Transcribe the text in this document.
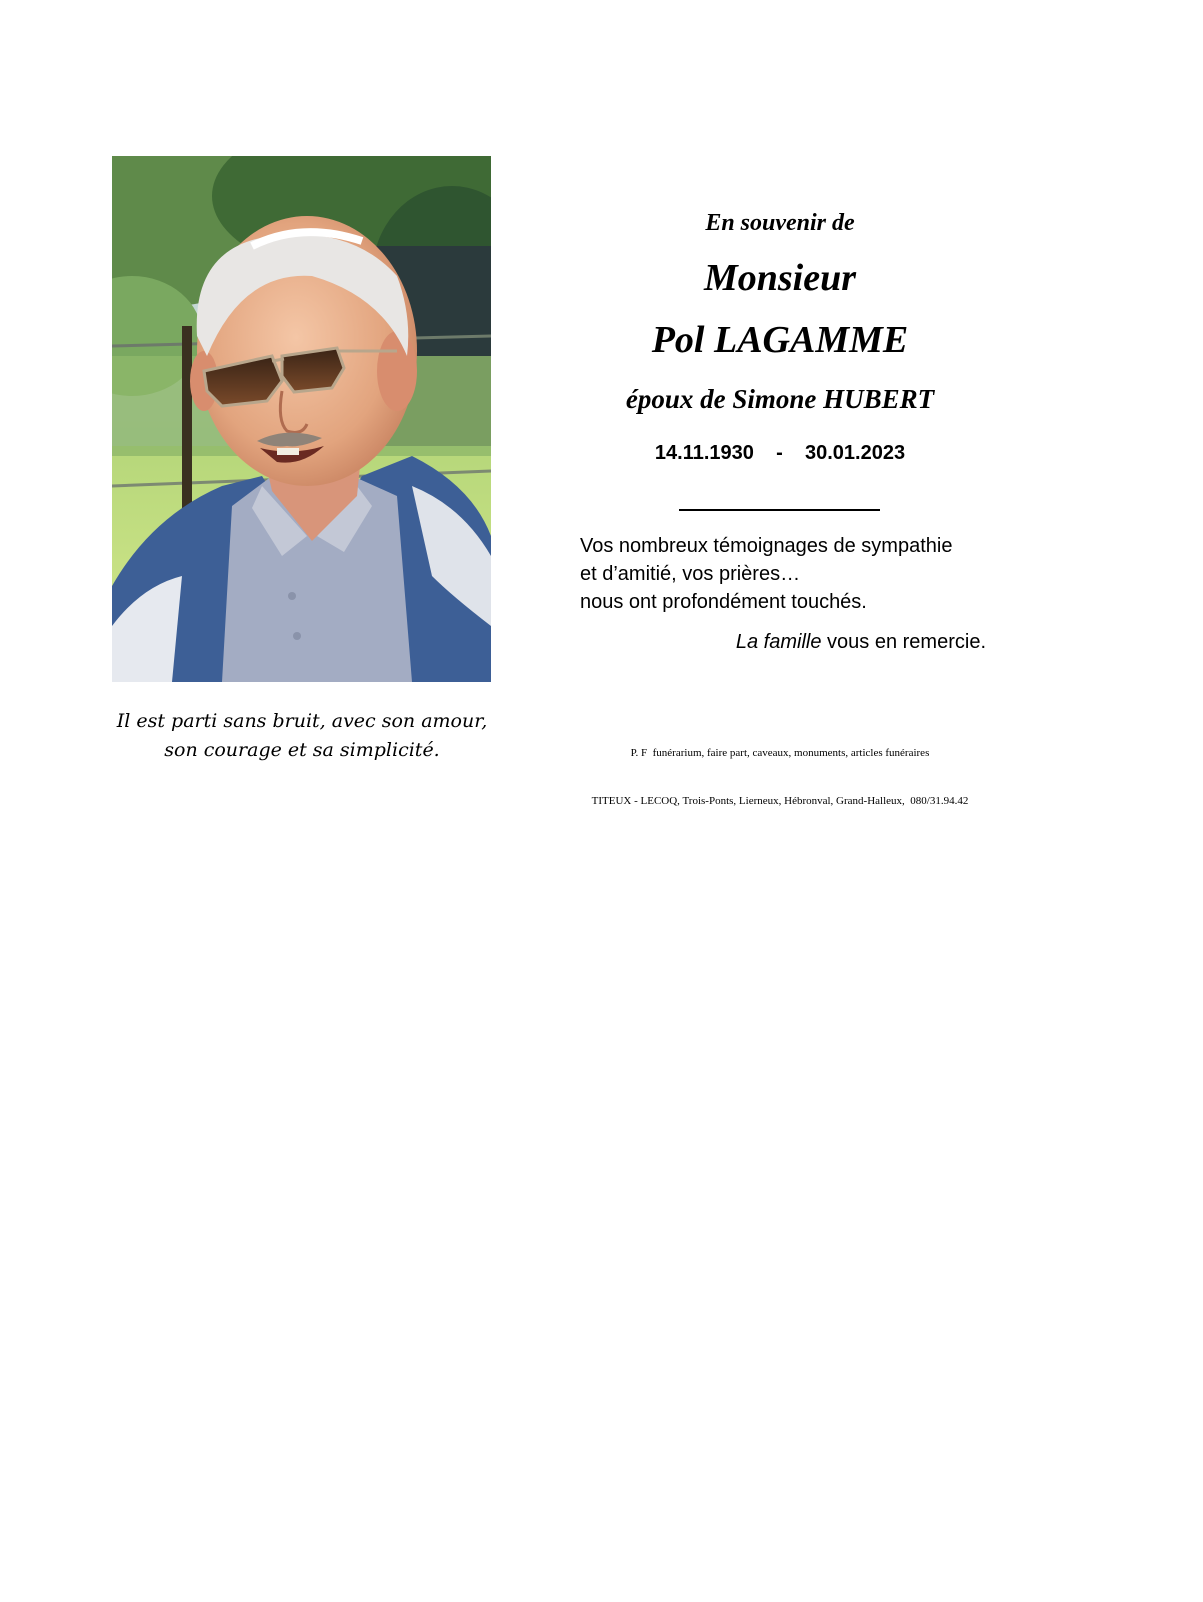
En souvenir de
Monsieur
Pol LAGAMME
époux de Simone HUBERT
14.11.1930    -    30.01.2023
Vos nombreux témoignages de sympathie
et d’amitié, vos prières…
nous ont profondément touchés.
La famille vous en remercie.
Il est parti sans bruit, avec son amour,
son courage et sa simplicité.

	P. F  funérarium, faire part, caveaux, monuments, articles funéraires

TITEUX - LECOQ, Trois-Ponts, Lierneux, Hébronval, Grand-Halleux,  080/31.94.42
